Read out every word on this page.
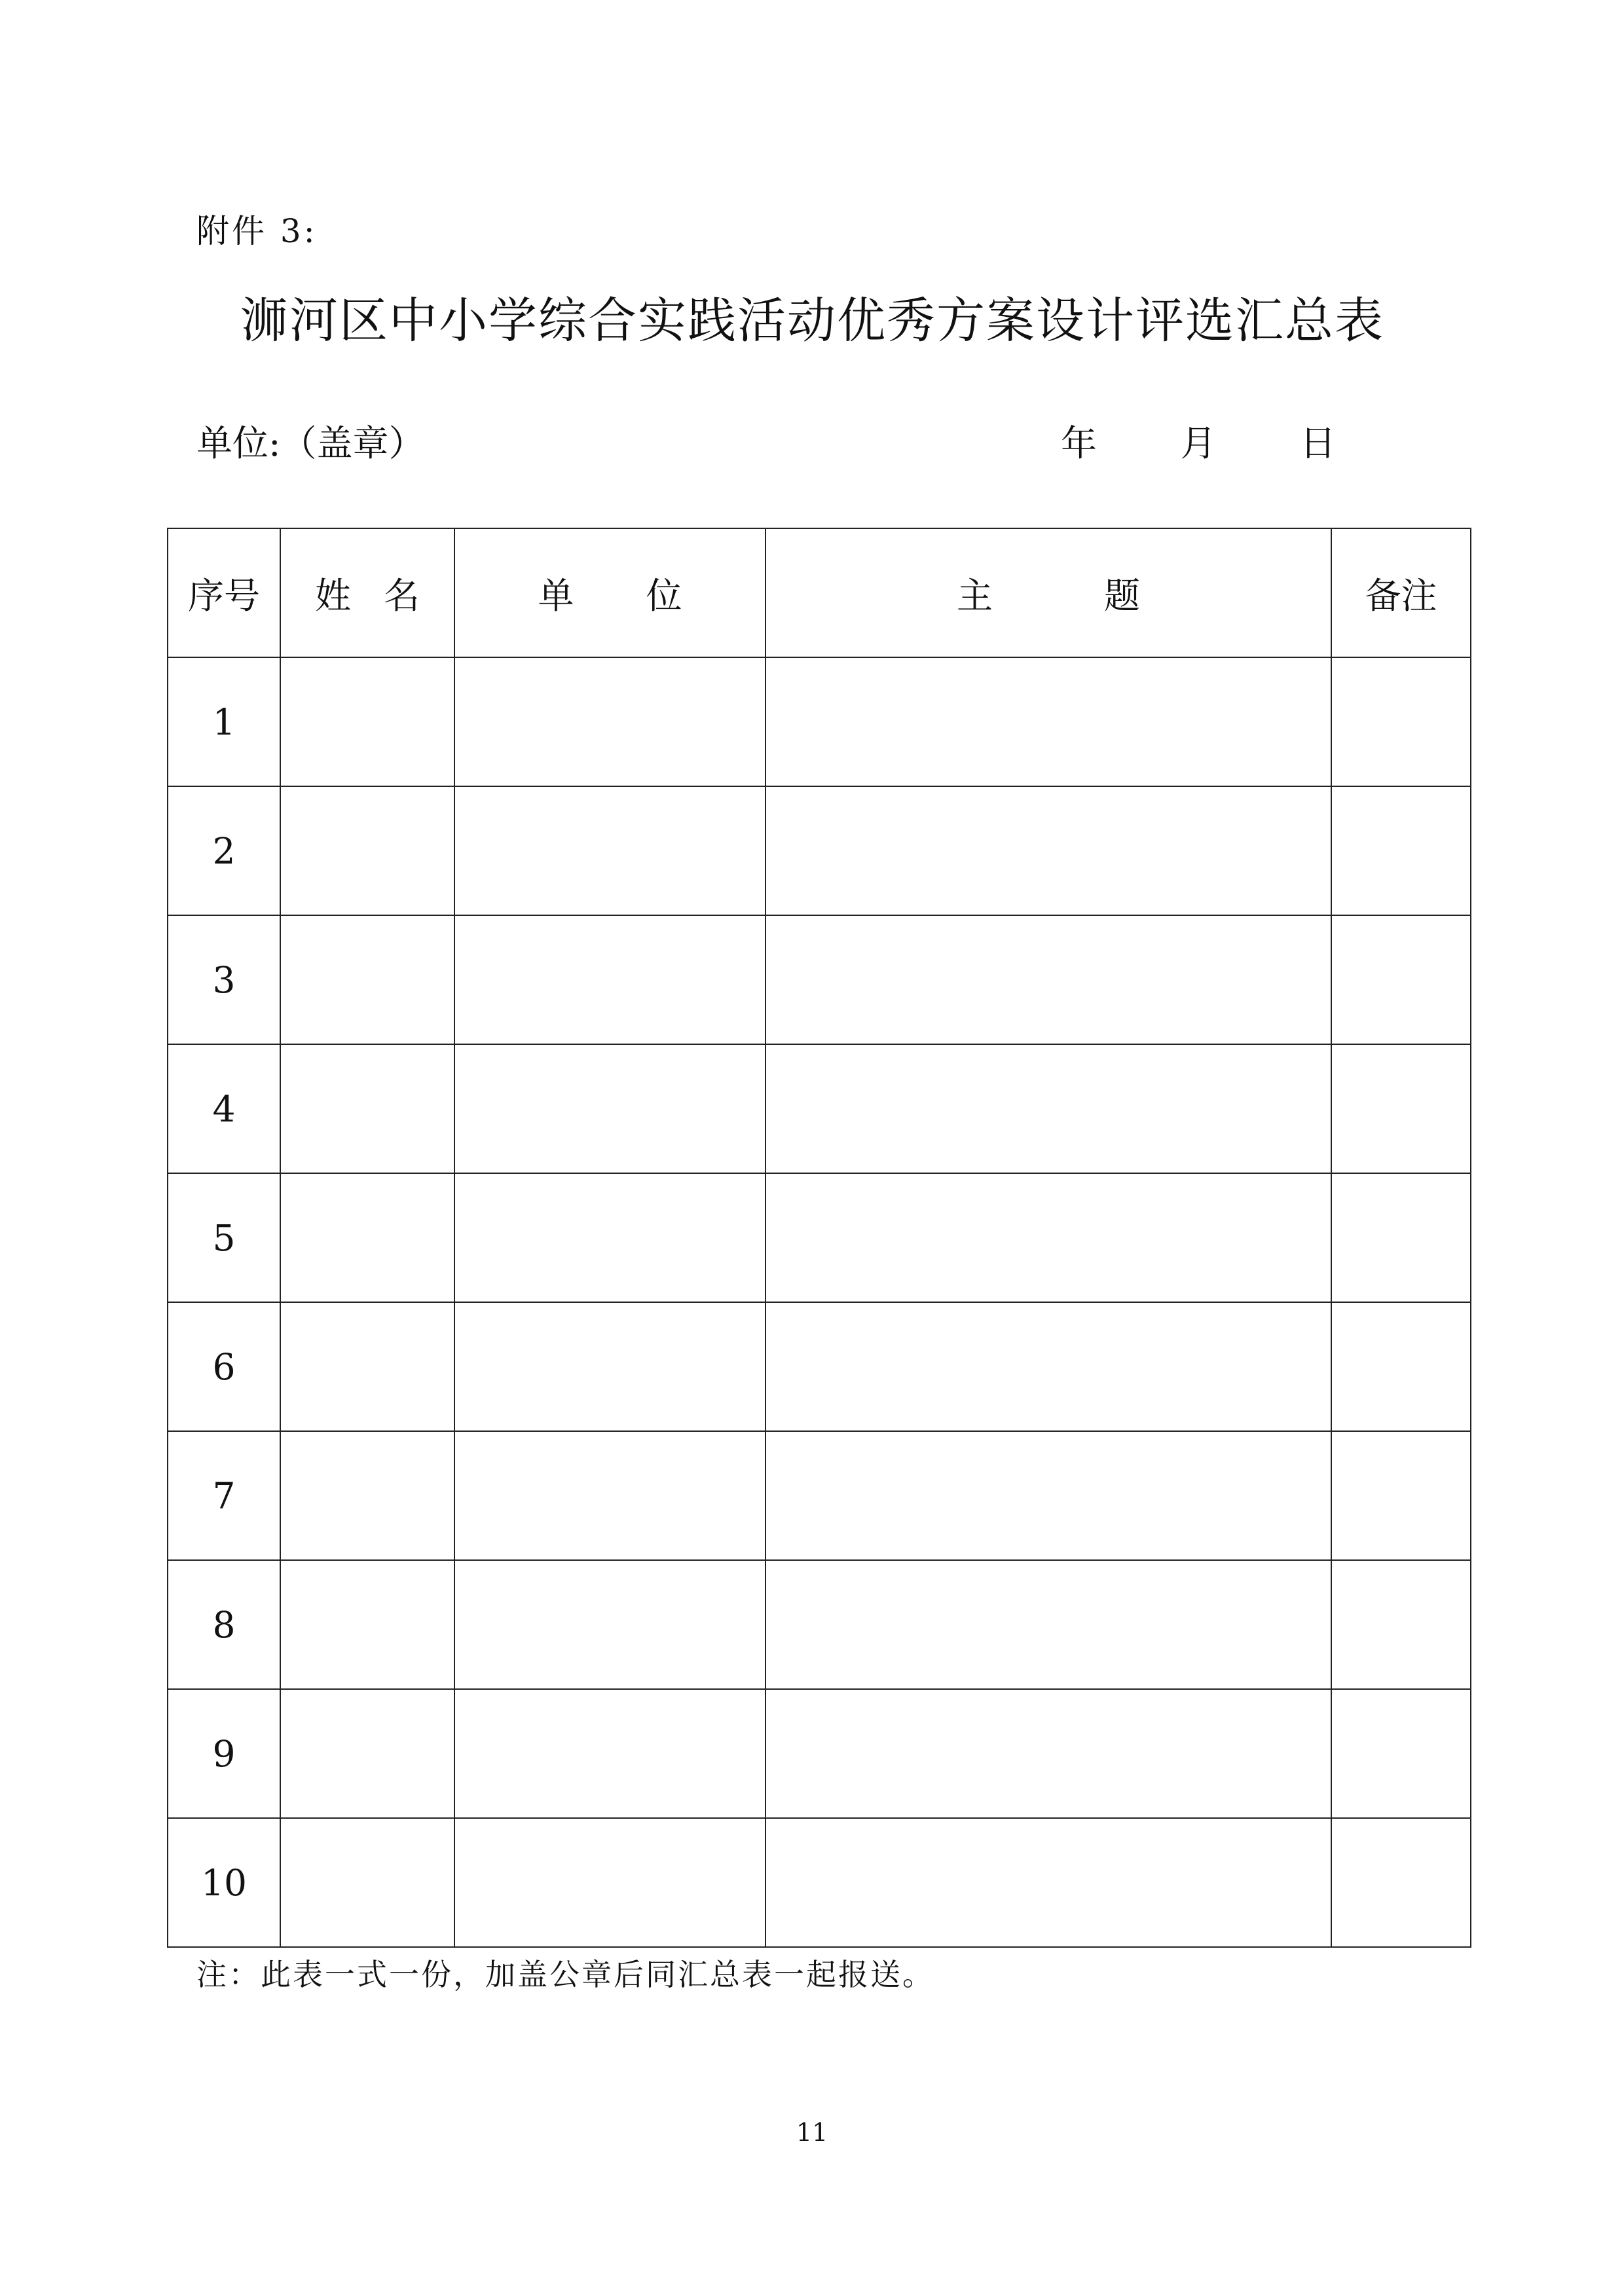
附件 3:
浉河区中小学综合实践活动优秀方案设计评选汇总表
单位:（盖章）	年 月 日
序号	姓名	单位	主题	备注
1				
2				
3				
4				
5				
6				
7				
8				
9				
10				
注：此表一式一份，加盖公章后同汇总表一起报送。
11
